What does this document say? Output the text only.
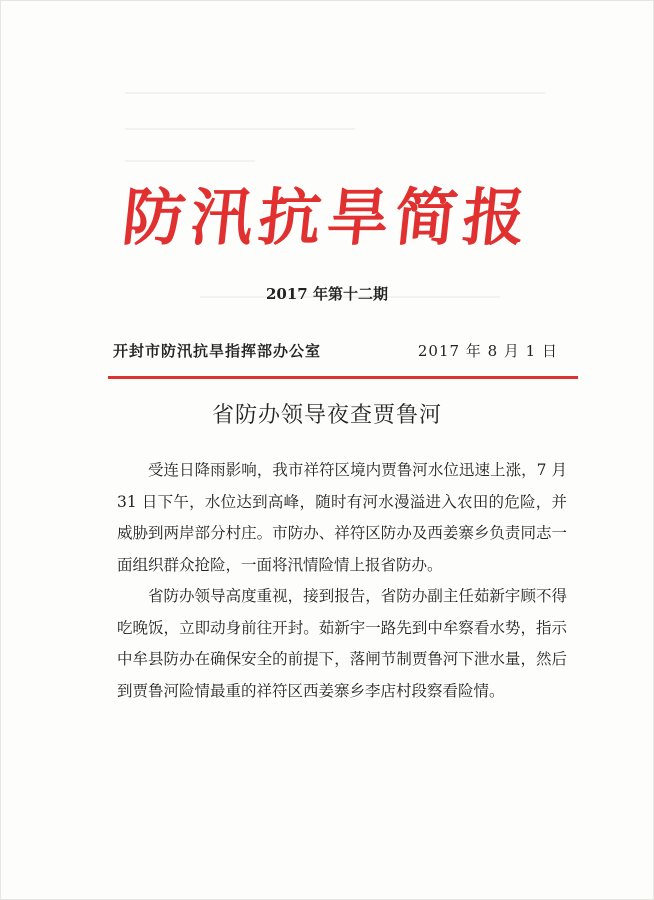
防汛抗旱简报
2017 年第十二期
开封市防汛抗旱指挥部办公室	2017 年 8 月 1 日
省防办领导夜查贾鲁河

受连日降雨影响，我市祥符区境内贾鲁河水位迅速上涨，7 月 31 日下午，水位达到高峰，随时有河水漫溢进入农田的危险，并威胁到两岸部分村庄。市防办、祥符区防办及西姜寨乡负责同志一面组织群众抢险，一面将汛情险情上报省防办。

省防办领导高度重视，接到报告，省防办副主任茹新宇顾不得吃晚饭，立即动身前往开封。茹新宇一路先到中牟察看水势，指示中牟县防办在确保安全的前提下，落闸节制贾鲁河下泄水量，然后到贾鲁河险情最重的祥符区西姜寨乡李店村段察看险情。
